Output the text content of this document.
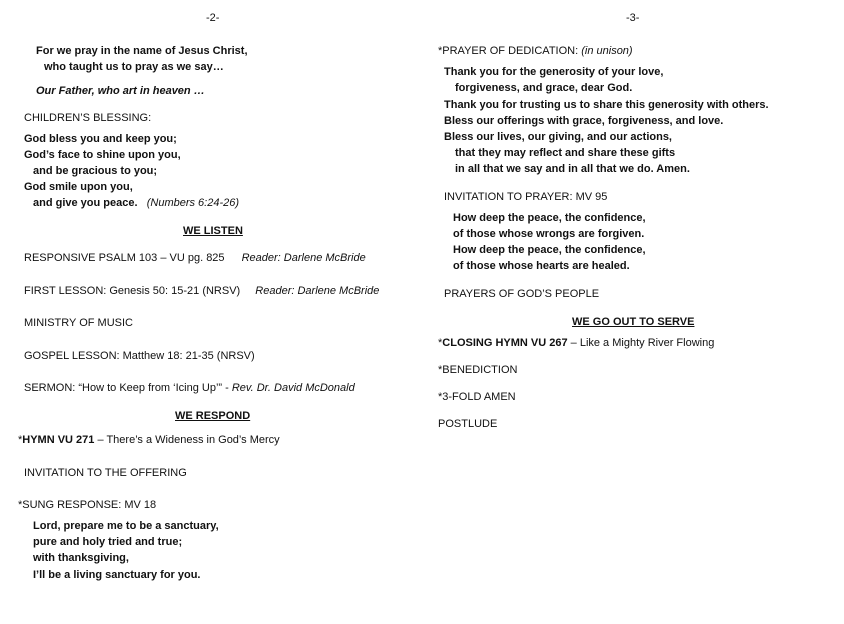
-2-
For we pray in the name of Jesus Christ,
who taught us to pray as we say…
Our Father, who art in heaven …
CHILDREN’S BLESSING:
God bless you and keep you;
God’s face to shine upon you,
and be gracious to you;
God smile upon you,
and give you peace. (Numbers 6:24-26)
WE LISTEN
RESPONSIVE PSALM 103 – VU pg. 825 Reader: Darlene McBride
FIRST LESSON: Genesis 50: 15-21 (NRSV) Reader: Darlene McBride
MINISTRY OF MUSIC
GOSPEL LESSON: Matthew 18: 21-35 (NRSV)
SERMON: “How to Keep from ‘Icing Up’” - Rev. Dr. David McDonald
WE RESPOND
*HYMN VU 271 – There’s a Wideness in God’s Mercy
INVITATION TO THE OFFERING
*SUNG RESPONSE: MV 18
Lord, prepare me to be a sanctuary,
pure and holy tried and true;
with thanksgiving,
I’ll be a living sanctuary for you.
-3-
*PRAYER OF DEDICATION: (in unison)
Thank you for the generosity of your love,
forgiveness, and grace, dear God.
Thank you for trusting us to share this generosity with others.
Bless our offerings with grace, forgiveness, and love.
Bless our lives, our giving, and our actions,
that they may reflect and share these gifts
in all that we say and in all that we do. Amen.
INVITATION TO PRAYER: MV 95
How deep the peace, the confidence,
of those whose wrongs are forgiven.
How deep the peace, the confidence,
of those whose hearts are healed.
PRAYERS OF GOD’S PEOPLE
WE GO OUT TO SERVE
*CLOSING HYMN VU 267 – Like a Mighty River Flowing
*BENEDICTION
*3-FOLD AMEN
POSTLUDE
